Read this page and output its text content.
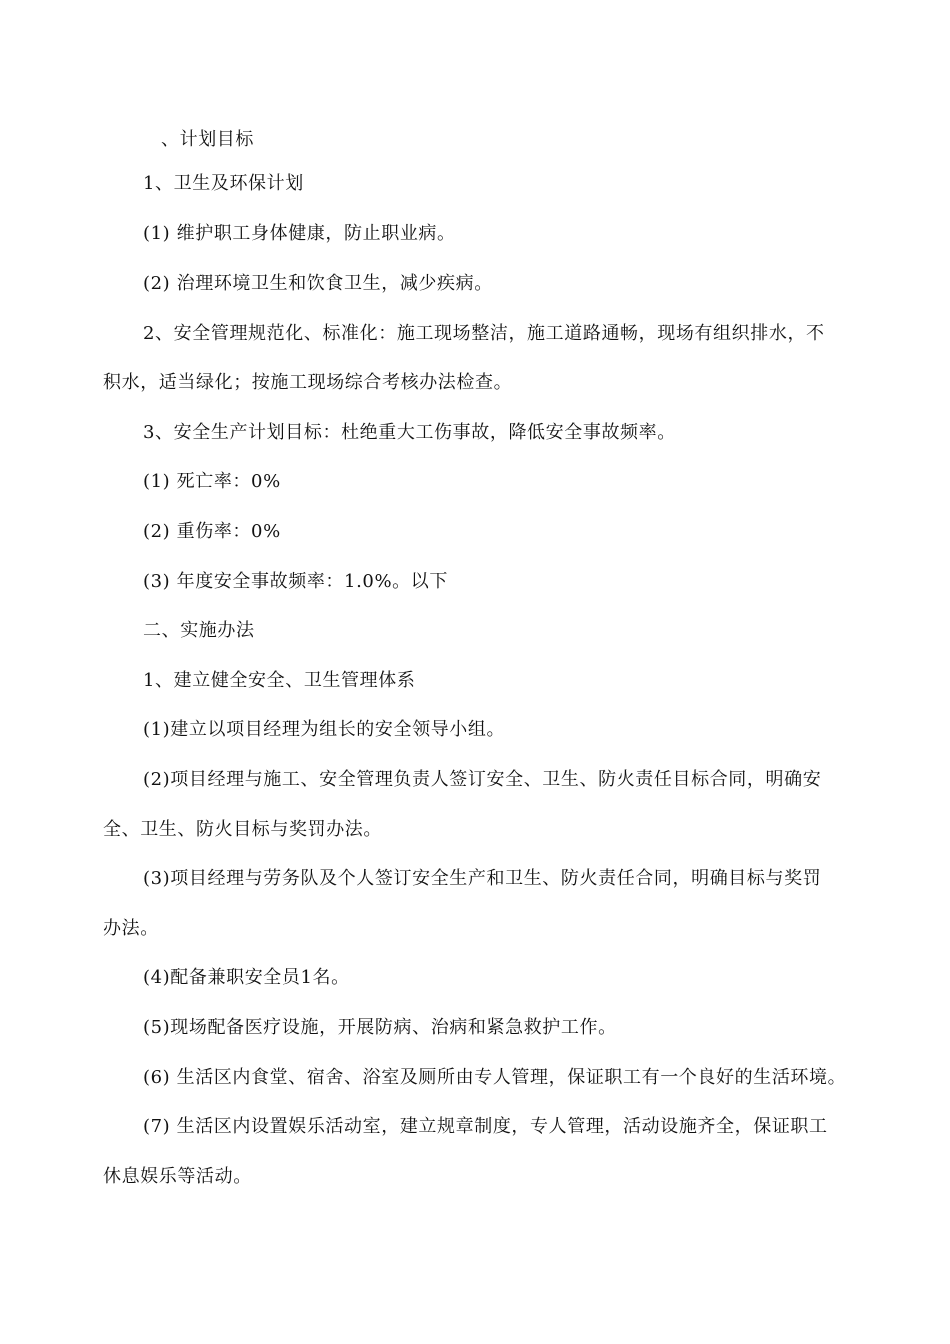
、计划目标
1、卫生及环保计划
(1) 维护职工身体健康，防止职业病。
(2) 治理环境卫生和饮食卫生，减少疾病。
2、安全管理规范化、标准化：施工现场整洁，施工道路通畅，现场有组织排水，不
积水，适当绿化；按施工现场综合考核办法检查。
3、安全生产计划目标：杜绝重大工伤事故，降低安全事故频率。
(1) 死亡率：0%
(2) 重伤率：0%
(3) 年度安全事故频率：1.0%。以下
二、实施办法
1、建立健全安全、卫生管理体系
(1)建立以项目经理为组长的安全领导小组。
(2)项目经理与施工、安全管理负责人签订安全、卫生、防火责任目标合同，明确安
全、卫生、防火目标与奖罚办法。
(3)项目经理与劳务队及个人签订安全生产和卫生、防火责任合同，明确目标与奖罚
办法。
(4)配备兼职安全员1名。
(5)现场配备医疗设施，开展防病、治病和紧急救护工作。
(6) 生活区内食堂、宿舍、浴室及厕所由专人管理，保证职工有一个良好的生活环境。
(7) 生活区内设置娱乐活动室，建立规章制度，专人管理，活动设施齐全，保证职工
休息娱乐等活动。
